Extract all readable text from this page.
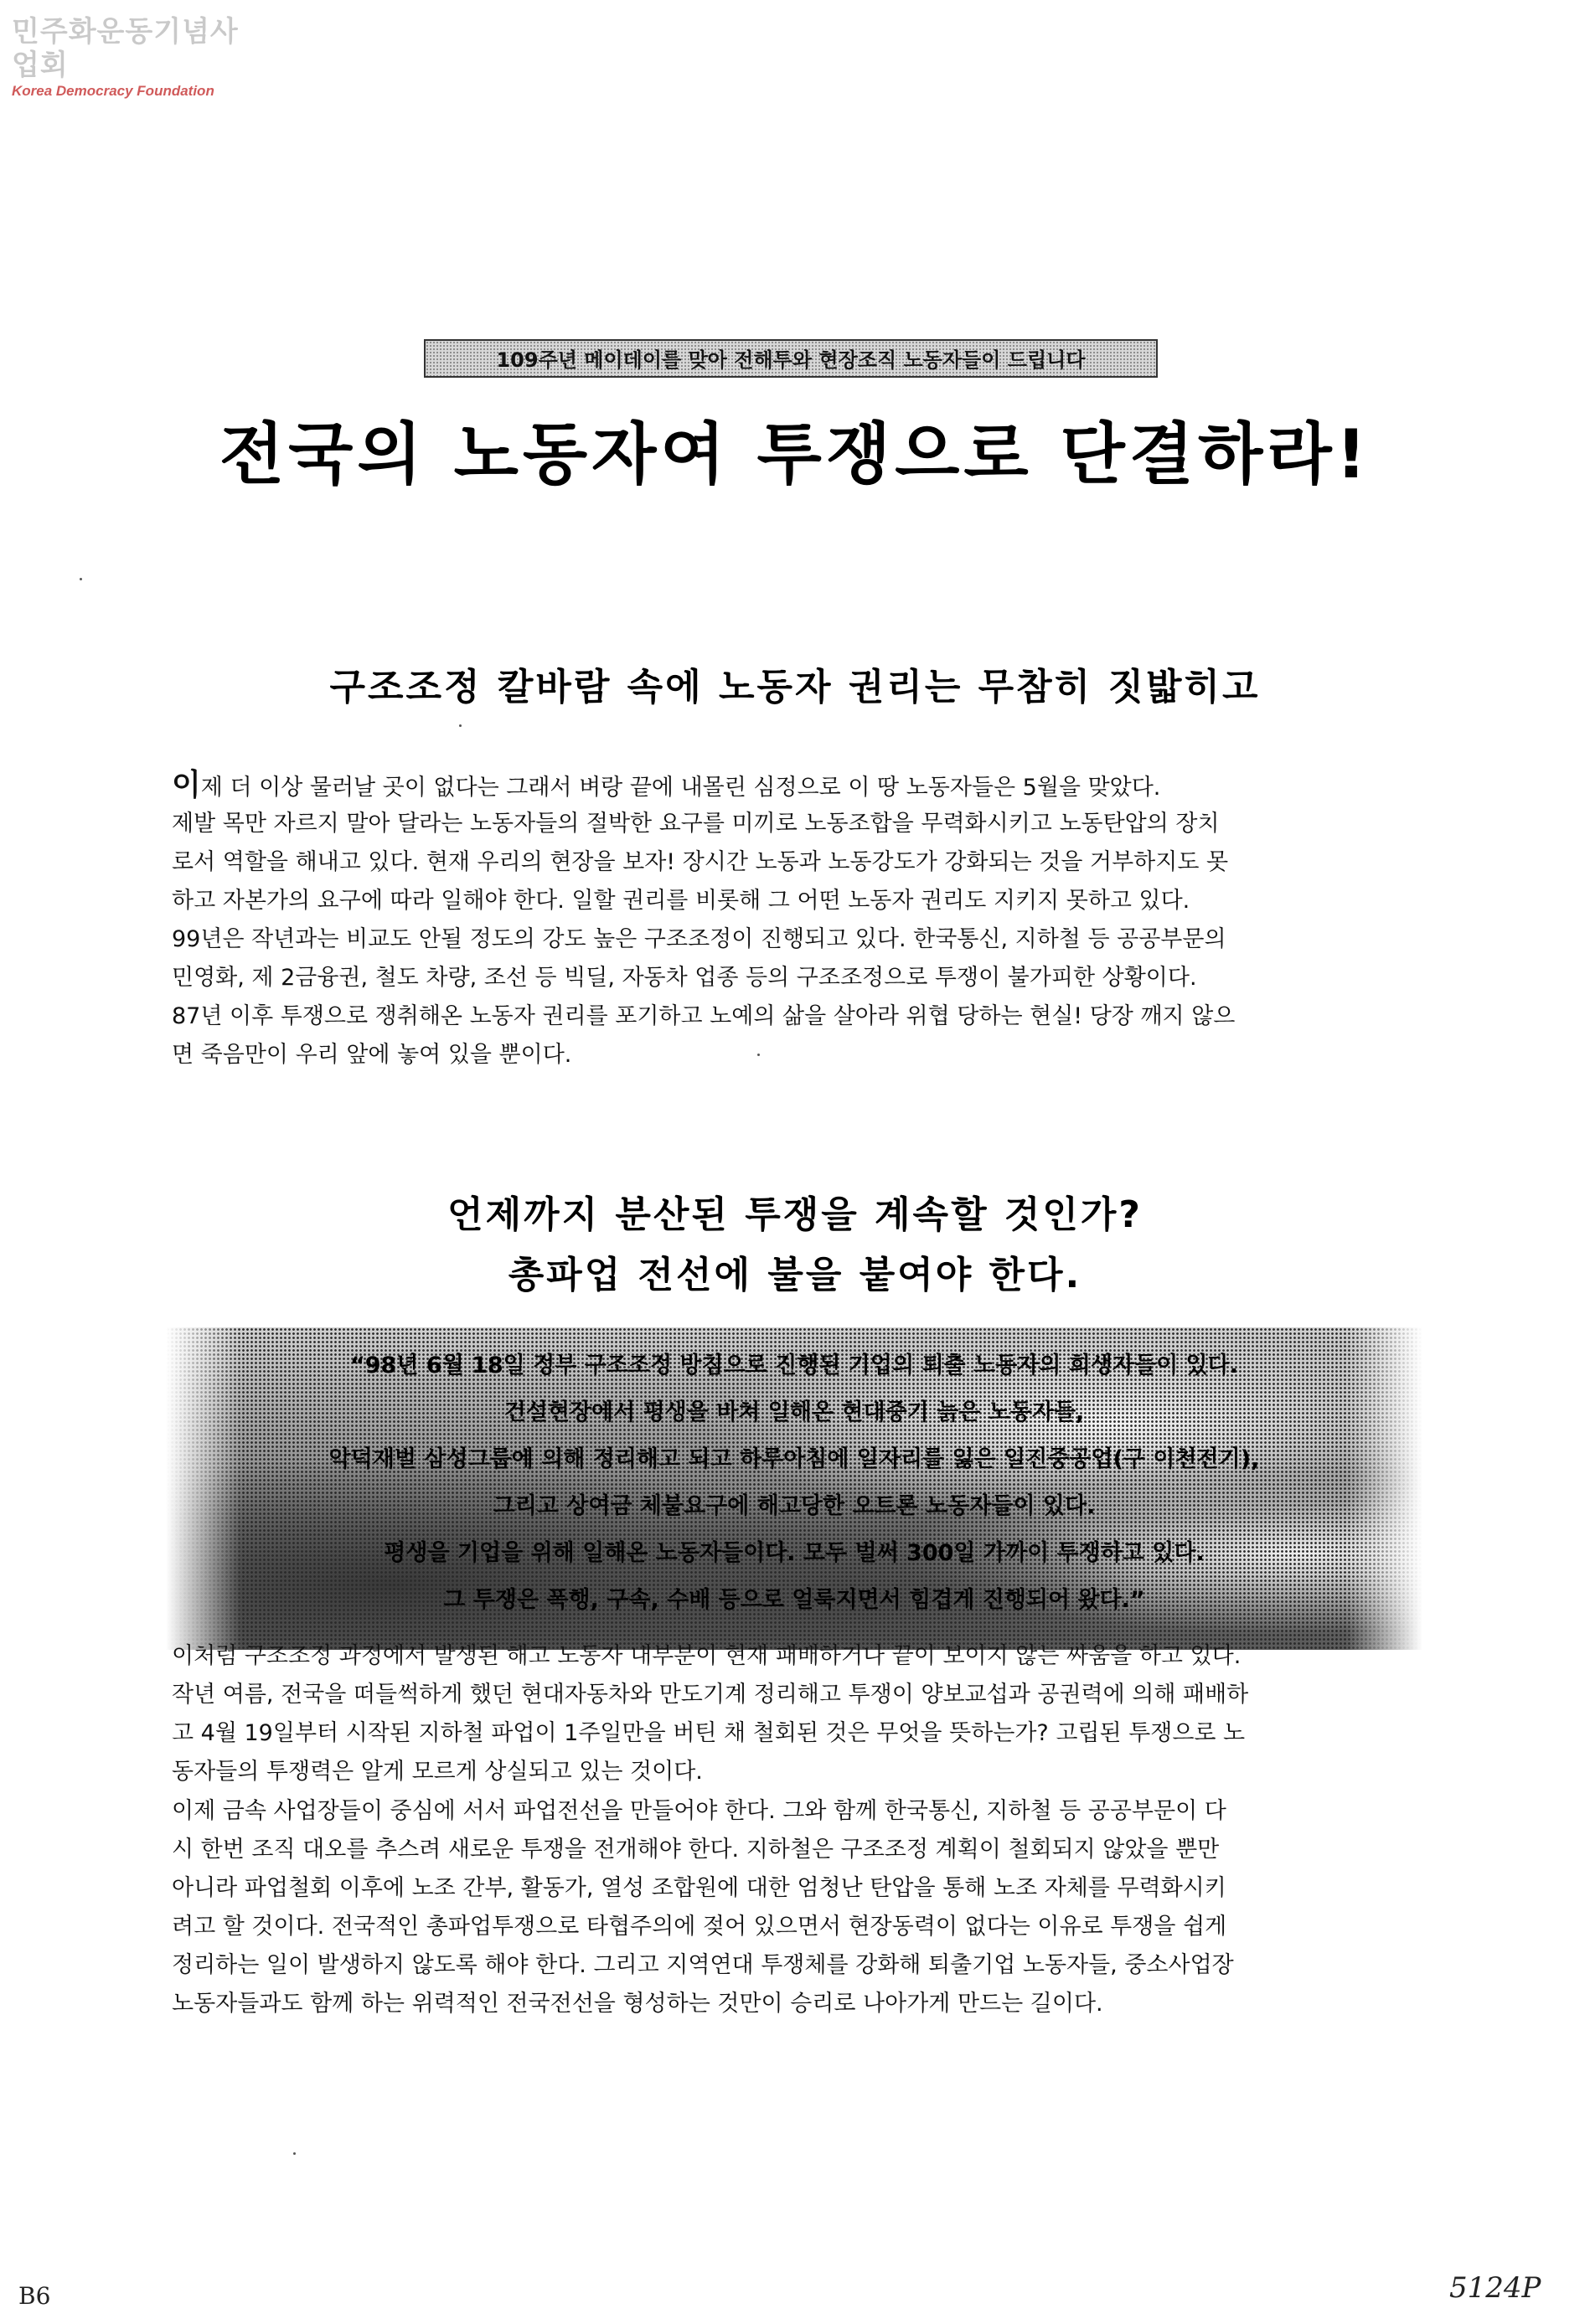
민주화운동기념사업회
Korea Democracy Foundation
109주년 메이데이를 맞아 전해투와 현장조직 노동자들이 드립니다
전국의 노동자여 투쟁으로 단결하라!
구조조정 칼바람 속에 노동자 권리는 무참히 짓밟히고
이제 더 이상 물러날 곳이 없다는 그래서 벼랑 끝에 내몰린 심정으로 이 땅 노동자들은 5월을 맞았다.
제발 목만 자르지 말아 달라는 노동자들의 절박한 요구를 미끼로 노동조합을 무력화시키고 노동탄압의 장치
로서 역할을 해내고 있다. 현재 우리의 현장을 보자! 장시간 노동과 노동강도가 강화되는 것을 거부하지도 못
하고 자본가의 요구에 따라 일해야 한다. 일할 권리를 비롯해 그 어떤 노동자 권리도 지키지 못하고 있다.
99년은 작년과는 비교도 안될 정도의 강도 높은 구조조정이 진행되고 있다. 한국통신, 지하철 등 공공부문의
민영화, 제 2금융권, 철도 차량, 조선 등 빅딜, 자동차 업종 등의 구조조정으로 투쟁이 불가피한 상황이다.
87년 이후 투쟁으로 쟁취해온 노동자 권리를 포기하고 노예의 삶을 살아라 위협 당하는 현실! 당장 깨지 않으
면 죽음만이 우리 앞에 놓여 있을 뿐이다.
언제까지 분산된 투쟁을 계속할 것인가?
총파업 전선에 불을 붙여야 한다.
“98년 6월 18일 정부 구조조정 방침으로 진행된 기업의 퇴출 노동자의 희생자들이 있다.
건설현장에서 평생을 바쳐 일해온 현대중기 늙은 노동자들,
악덕재벌 삼성그룹에 의해 정리해고 되고 하루아침에 일자리를 잃은 일진중공업(구 이천전기),
그리고 상여금 체불요구에 해고당한 오트론 노동자들이 있다.
평생을 기업을 위해 일해온 노동자들이다. 모두 벌써 300일 가까이 투쟁하고 있다.
그 투쟁은 폭행, 구속, 수배 등으로 얼룩지면서 힘겹게 진행되어 왔다.”
이처럼 구조조정 과정에서 발생된 해고 노동자 내부분이 현재 패배하거나 끝이 보이지 않는 싸움을 하고 있다.
작년 여름, 전국을 떠들썩하게 했던 현대자동차와 만도기계 정리해고 투쟁이 양보교섭과 공권력에 의해 패배하
고 4월 19일부터 시작된 지하철 파업이 1주일만을 버틴 채 철회된 것은 무엇을 뜻하는가? 고립된 투쟁으로 노
동자들의 투쟁력은 알게 모르게 상실되고 있는 것이다.
이제 금속 사업장들이 중심에 서서 파업전선을 만들어야 한다. 그와 함께 한국통신, 지하철 등 공공부문이 다
시 한번 조직 대오를 추스려 새로운 투쟁을 전개해야 한다. 지하철은 구조조정 계획이 철회되지 않았을 뿐만
아니라 파업철회 이후에 노조 간부, 활동가, 열성 조합원에 대한 엄청난 탄압을 통해 노조 자체를 무력화시키
려고 할 것이다. 전국적인 총파업투쟁으로 타협주의에 젖어 있으면서 현장동력이 없다는 이유로 투쟁을 쉽게
정리하는 일이 발생하지 않도록 해야 한다. 그리고 지역연대 투쟁체를 강화해 퇴출기업 노동자들, 중소사업장
노동자들과도 함께 하는 위력적인 전국전선을 형성하는 것만이 승리로 나아가게 만드는 길이다.
B6	5124P
